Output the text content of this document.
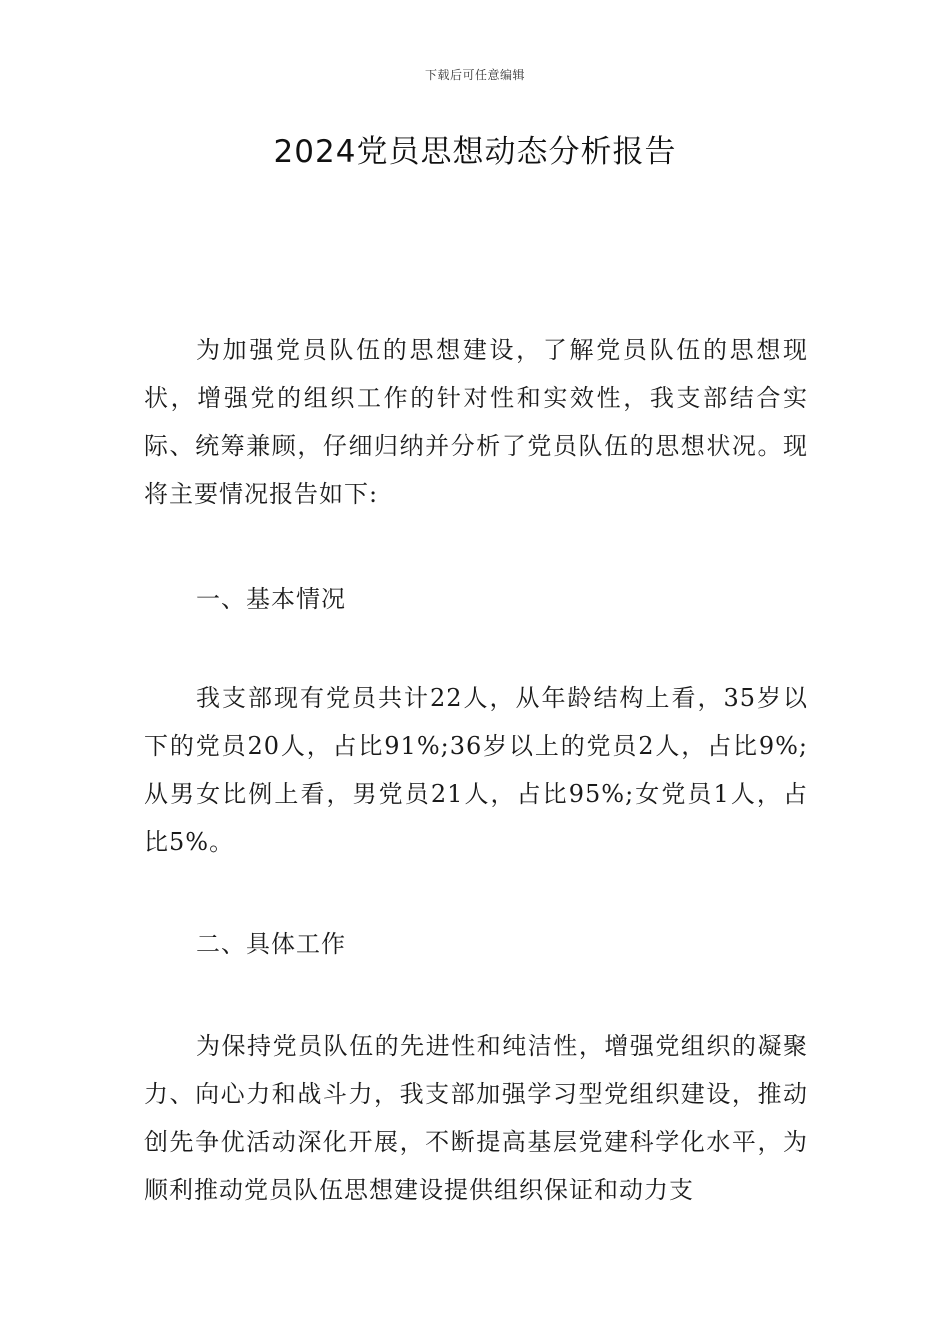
下载后可任意编辑
2024党员思想动态分析报告

为加强党员队伍的思想建设，了解党员队伍的思想现状，增强党的组织工作的针对性和实效性，我支部结合实际、统筹兼顾，仔细归纳并分析了党员队伍的思想状况。现将主要情况报告如下:

一、基本情况

我支部现有党员共计22人，从年龄结构上看，35岁以下的党员20人，占比91%;36岁以上的党员2人，占比9%;从男女比例上看，男党员21人，占比95%;女党员1人，占比5%。

二、具体工作

为保持党员队伍的先进性和纯洁性，增强党组织的凝聚力、向心力和战斗力，我支部加强学习型党组织建设，推动创先争优活动深化开展，不断提高基层党建科学化水平，为顺利推动党员队伍思想建设提供组织保证和动力支
